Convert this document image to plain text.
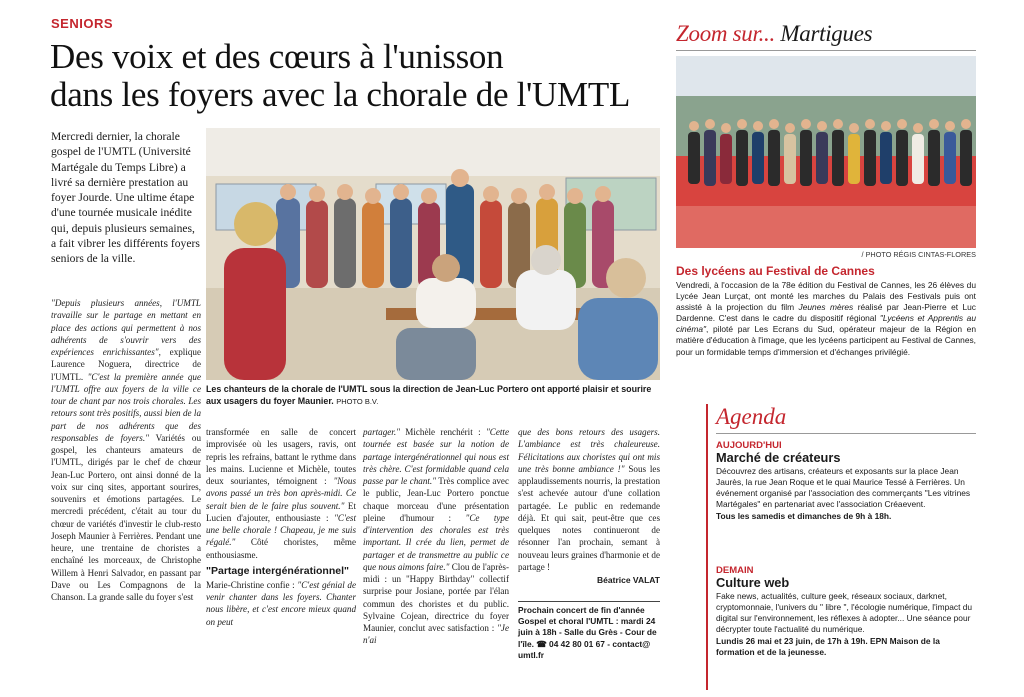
SENIORS
Des voix et des cœurs à l'unisson
dans les foyers avec la chorale de l'UMTL

Mercredi dernier, la chorale gospel de l'UMTL (Université Martégale du Temps Libre) a livré sa dernière prestation au foyer Jourde. Une ultime étape d'une tournée musicale inédite qui, depuis plusieurs semaines, a fait vibrer les différents foyers seniors de la ville.

"Depuis plusieurs années, l'UMTL travaille sur le partage en mettant en place des actions qui permettent à nos adhérents de s'ouvrir vers des expériences enrichissantes", explique Laurence Noguera, directrice de l'UMTL. "C'est la première année que l'UMTL offre aux foyers de la ville ce tour de chant par nos trois chorales. Les retours sont très positifs, aussi bien de la part de nos adhérents que des responsables de foyers." Variétés ou gospel, les chanteurs amateurs de l'UMTL, dirigés par le chef de chœur Jean-Luc Portero, ont ainsi donné de la voix sur cinq sites, apportant sourires, souvenirs et émotions partagées. Le mercredi précédent, c'était au tour du chœur de variétés d'investir le club-resto Joseph Maunier à Ferrières. Pendant une heure, une trentaine de choristes a enchaîné les morceaux, de Christophe Willem à Henri Salvador, en passant par Dave ou Les Compagnons de la Chanson. La grande salle du foyer s'est

Les chanteurs de la chorale de l'UMTL sous la direction de Jean-Luc Portero ont apporté plaisir et sourire aux usagers du foyer Maunier. PHOTO B.V.

transformée en salle de concert improvisée où les usagers, ravis, ont repris les refrains, battant le rythme dans les mains. Lucienne et Michèle, toutes deux souriantes, témoignent : "Nous avons passé un très bon après-midi. Ce serait bien de le faire plus souvent." Et Lucien d'ajouter, enthousiaste : "C'est une belle chorale ! Chapeau, je me suis régalé." Côté choristes, même enthousiasme.

"Partage intergénérationnel"

Marie-Christine confie : "C'est génial de venir chanter dans les foyers. Chanter nous libère, et c'est encore mieux quand on peut

partager." Michèle renchérit : "Cette tournée est basée sur la notion de partage intergénérationnel qui nous est très chère. C'est formidable quand cela passe par le chant." Très complice avec le public, Jean-Luc Portero ponctue chaque morceau d'une présentation pleine d'humour : "Ce type d'intervention des chorales est très important. Il crée du lien, permet de partager et de transmettre au public ce que nous aimons faire." Clou de l'après-midi : un "Happy Birthday" collectif surprise pour Josiane, portée par l'élan commun des choristes et du public. Sylvaine Cojean, directrice du foyer Maunier, conclut avec satisfaction : "Je n'ai

que des bons retours des usagers. L'ambiance est très chaleureuse. Félicitations aux choristes qui ont mis une très bonne ambiance !" Sous les applaudissements nourris, la prestation s'est achevée autour d'une collation partagée. Le public en redemande déjà. Et qui sait, peut-être que ces quelques notes continueront de résonner l'an prochain, semant à nouveau leurs graines d'harmonie et de partage !

Béatrice VALAT
Prochain concert de fin d'année Gospel et choral l'UMTL : mardi 24 juin à 18h - Salle du Grès - Cour de l'île. ☎ 04 42 80 01 67 - contact@ umtl.fr
Zoom sur... Martigues
/ PHOTO RÉGIS CINTAS-FLORES
Des lycéens au Festival de Cannes

Vendredi, à l'occasion de la 78e édition du Festival de Cannes, les 26 élèves du Lycée Jean Lurçat, ont monté les marches du Palais des Festivals puis ont assisté à la projection du film Jeunes mères réalisé par Jean-Pierre et Luc Dardenne. C'est dans le cadre du dispositif régional "Lycéens et Apprentis au cinéma", piloté par Les Ecrans du Sud, opérateur majeur de la Région en matière d'éducation à l'image, que les lycéens participent au Festival de Cannes, pour un formidable temps d'immersion et d'échanges privilégié.

Agenda
AUJOURD'HUI
Marché de créateurs
Découvrez des artisans, créateurs et exposants sur la place Jean Jaurès, la rue Jean Roque et le quai Maurice Tessé à Ferrières. Un événement organisé par l'association des commerçants "Les vitrines Martégales" en partenariat avec l'association Créaevent.
Tous les samedis et dimanches de 9h à 18h.
DEMAIN
Culture web
Fake news, actualités, culture geek, réseaux sociaux, darknet, cryptomonnaie, l'univers du " libre ", l'écologie numérique, l'impact du digital sur l'environnement, les réflexes à adopter... Une séance pour décrypter toute l'actualité du numérique.
Lundis 26 mai et 23 juin, de 17h à 19h. EPN Maison de la formation et de la jeunesse.
